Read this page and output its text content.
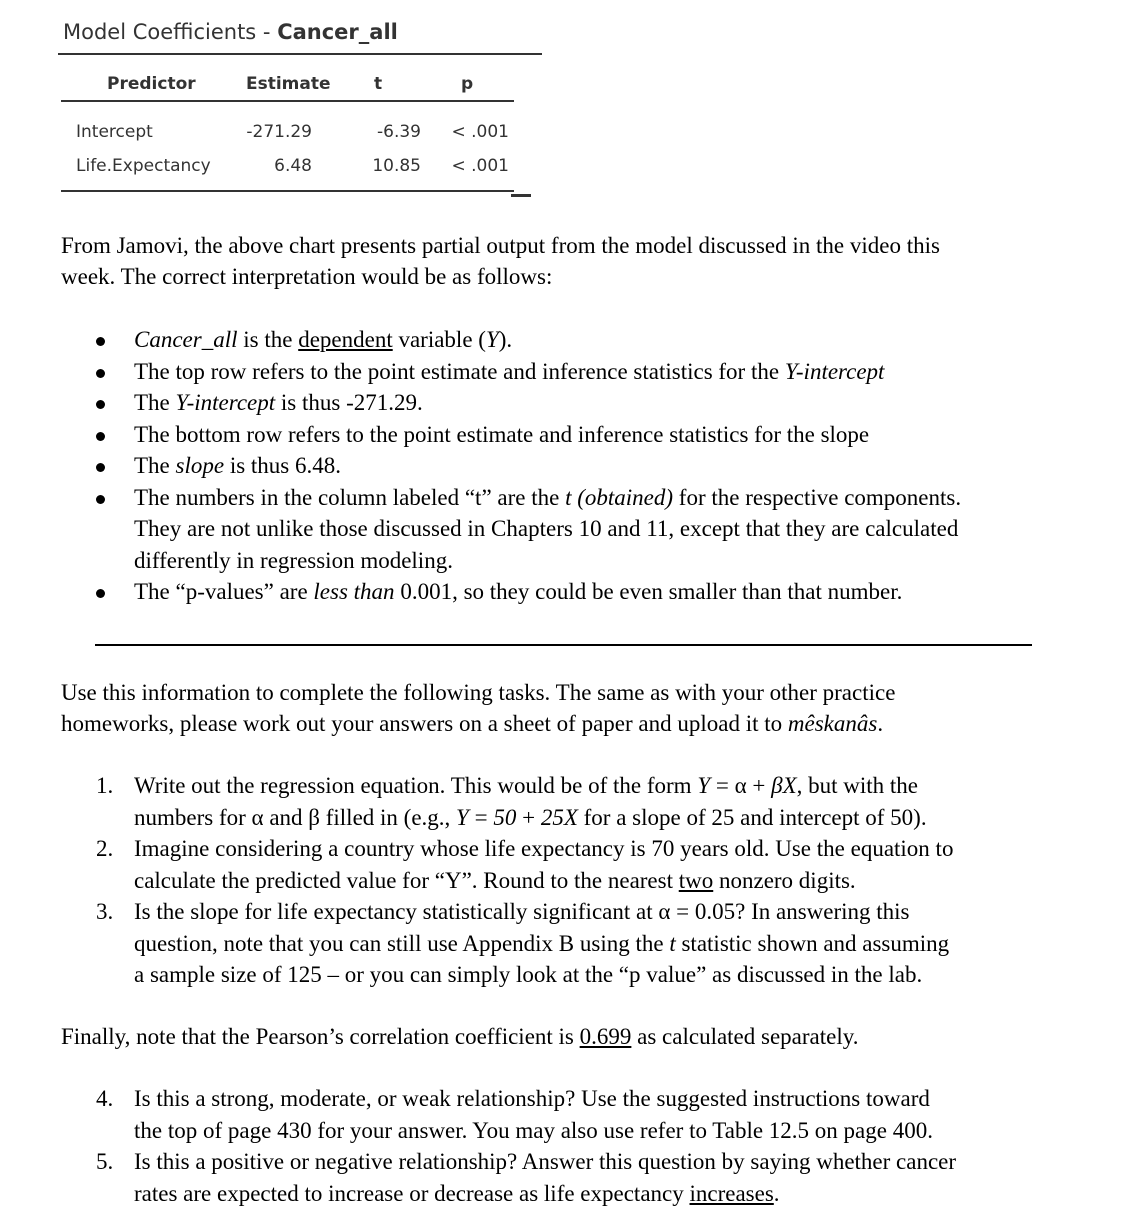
Model Coefficients - Cancer_all
Predictor	Estimate	t	p
Intercept	-271.29	-6.39	< .001
Life.Expectancy	6.48	10.85	< .001
From Jamovi, the above chart presents partial output from the model discussed in the video this
week. The correct interpretation would be as follows:
Cancer_all is the dependent variable (Y).
The top row refers to the point estimate and inference statistics for the Y-intercept
The Y-intercept is thus -271.29.
The bottom row refers to the point estimate and inference statistics for the slope
The slope is thus 6.48.
The numbers in the column labeled “t” are the t (obtained) for the respective components.
They are not unlike those discussed in Chapters 10 and 11, except that they are calculated
differently in regression modeling.
The “p-values” are less than 0.001, so they could be even smaller than that number.
Use this information to complete the following tasks. The same as with your other practice
homeworks, please work out your answers on a sheet of paper and upload it to mêskanâs.
1. Write out the regression equation. This would be of the form Y = α + βX, but with the
numbers for α and β filled in (e.g., Y = 50 + 25X for a slope of 25 and intercept of 50).
2. Imagine considering a country whose life expectancy is 70 years old. Use the equation to
calculate the predicted value for “Y”. Round to the nearest two nonzero digits.
3. Is the slope for life expectancy statistically significant at α = 0.05? In answering this
question, note that you can still use Appendix B using the t statistic shown and assuming
a sample size of 125 – or you can simply look at the “p value” as discussed in the lab.
Finally, note that the Pearson’s correlation coefficient is 0.699 as calculated separately.
4. Is this a strong, moderate, or weak relationship? Use the suggested instructions toward
the top of page 430 for your answer. You may also use refer to Table 12.5 on page 400.
5. Is this a positive or negative relationship? Answer this question by saying whether cancer
rates are expected to increase or decrease as life expectancy increases.
